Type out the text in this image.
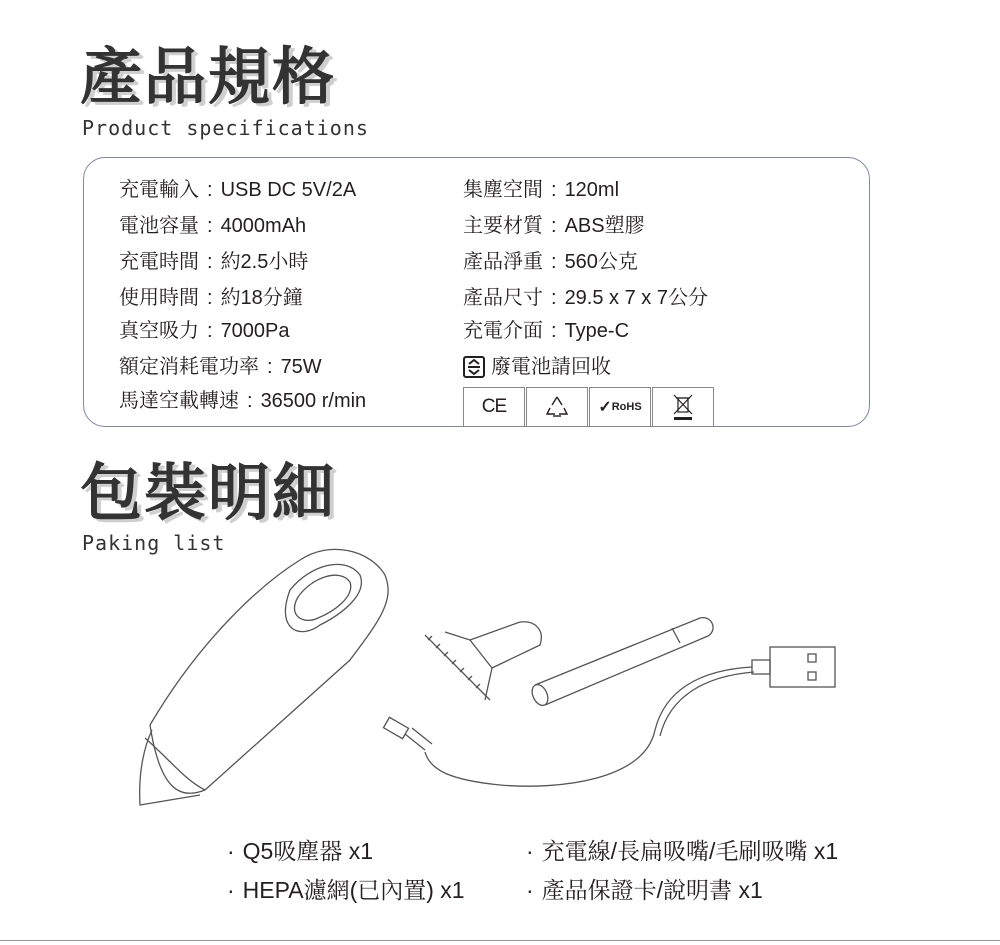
產品規格
Product specifications
充電輸入 : USB DC 5V/2A
電池容量 : 4000mAh
充電時間 : 約2.5小時
使用時間 : 約18分鐘
真空吸力 : 7000Pa
額定消耗電功率 : 75W
馬達空載轉速 : 36500 r/min
集塵空間 : 120ml
主要材質 : ABS塑膠
產品淨重 : 560公克
產品尺寸 : 29.5 x 7 x 7公分
充電介面 : Type-C
廢電池請回收
CE	✓ RoHS
包裝明細
Paking list
· Q5吸塵器 x1	· 充電線/長扁吸嘴/毛刷吸嘴 x1
· HEPA濾網(已內置) x1	· 產品保證卡/說明書 x1
